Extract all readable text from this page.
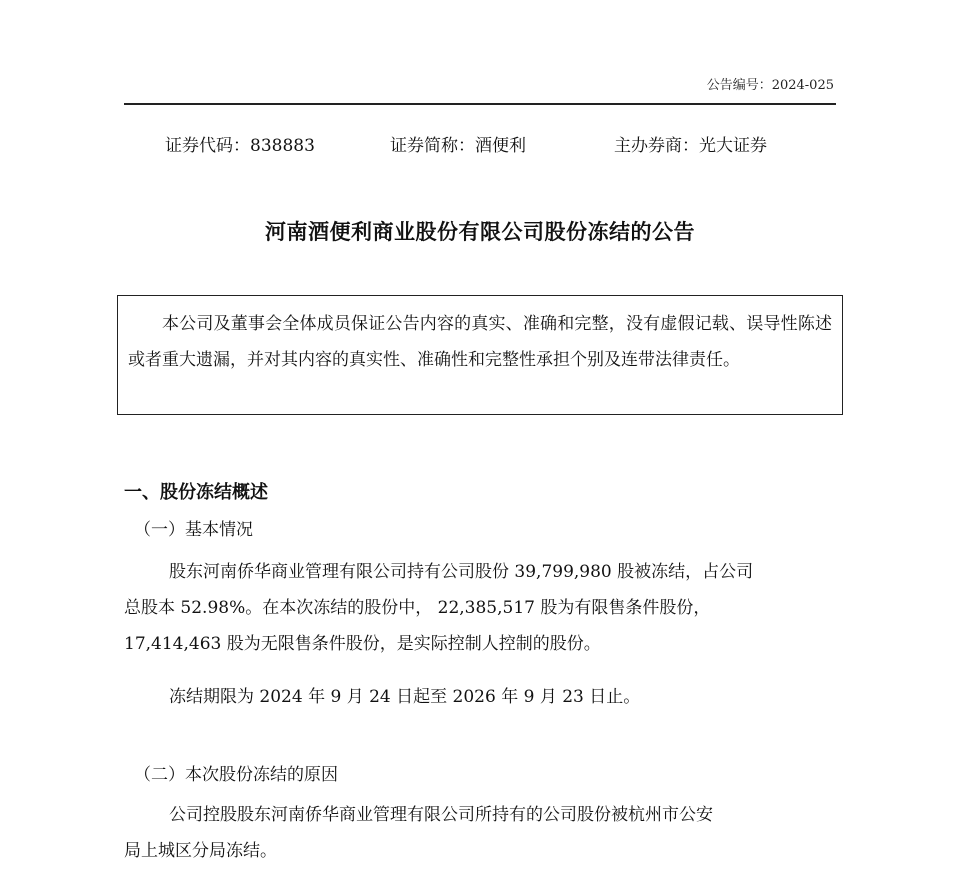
公告编号：2024-025
证券代码：838883	证券简称：酒便利	主办券商：光大证券
河南酒便利商业股份有限公司股份冻结的公告
本公司及董事会全体成员保证公告内容的真实、准确和完整，没有虚假记载、误导性陈述或者重大遗漏，并对其内容的真实性、准确性和完整性承担个别及连带法律责任。
一、股份冻结概述
（一）基本情况

股东河南侨华商业管理有限公司持有公司股份 39,799,980 股被冻结，占公司

总股本 52.98%。在本次冻结的股份中， 22,385,517 股为有限售条件股份，

17,414,463 股为无限售条件股份，是实际控制人控制的股份。

冻结期限为 2024 年 9 月 24 日起至 2026 年 9 月 23 日止。

（二）本次股份冻结的原因

公司控股股东河南侨华商业管理有限公司所持有的公司股份被杭州市公安

局上城区分局冻结。
